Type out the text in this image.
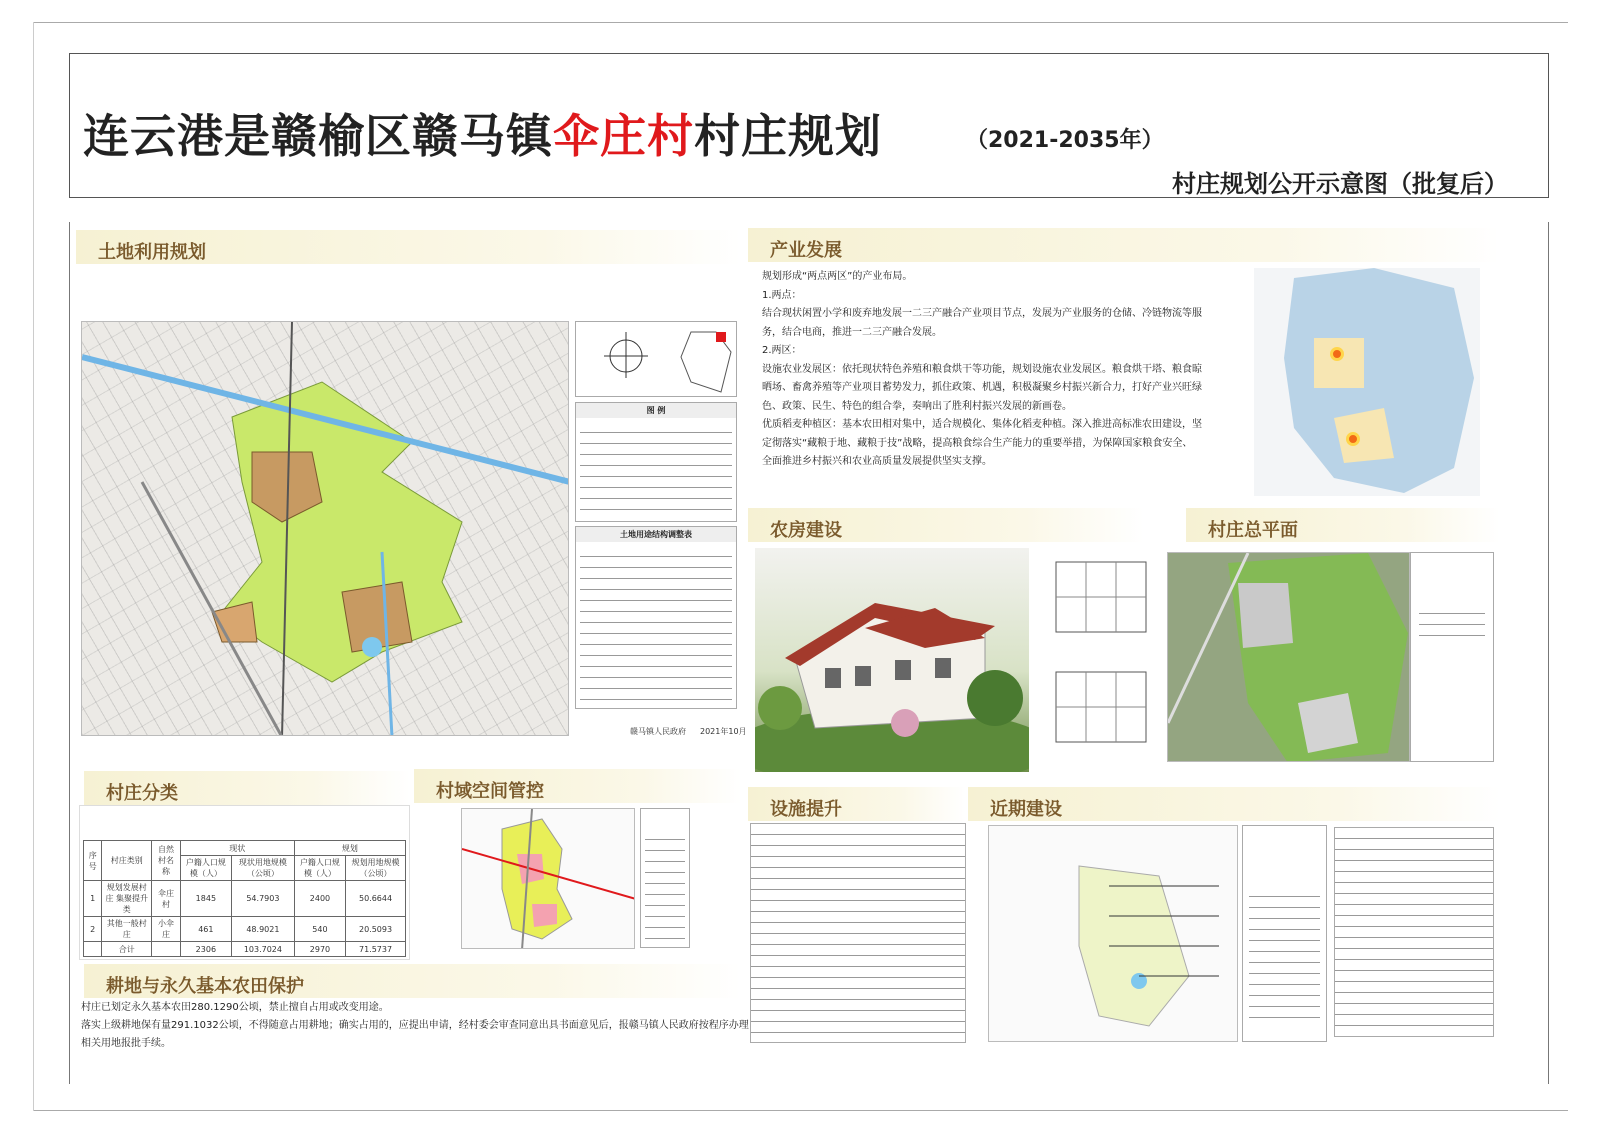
连云港是赣榆区赣马镇伞庄村村庄规划	（2021-2035年）
村庄规划公开示意图（批复后）
土地利用规划
图 例
土地用途结构调整表
赣马镇人民政府 2021年10月
村庄分类
序号	村庄类别	自然村名称	现状		规划	
			户籍人口规模（人）	现状用地规模（公顷）	户籍人口规模（人）	规划用地规模（公顷）
1	规划发展村庄 集聚提升类	伞庄村	1845	54.7903	2400	50.6644
2	其他一般村庄	小伞庄	461	48.9021	540	20.5093
	合计		2306	103.7024	2970	71.5737
村域空间管控
耕地与永久基本农田保护
村庄已划定永久基本农田280.1290公顷，禁止擅自占用或改变用途。
落实上级耕地保有量291.1032公顷，不得随意占用耕地；确实占用的，应提出申请，经村委会审查同意出具书面意见后，报赣马镇人民政府按程序办理
相关用地报批手续。
产业发展
规划形成“两点两区”的产业布局。
1.两点：
结合现状闲置小学和废弃地发展一二三产融合产业项目节点，发展为产业服务的仓储、冷链物流等服
务，结合电商，推进一二三产融合发展。
2.两区：
设施农业发展区：依托现状特色养殖和粮食烘干等功能，规划设施农业发展区。粮食烘干塔、粮食晾
晒场、畜禽养殖等产业项目蓄势发力，抓住政策、机遇，积极凝聚乡村振兴新合力，打好产业兴旺绿
色、政策、民生、特色的组合拳，奏响出了胜利村振兴发展的新画卷。
优质稻麦种植区：基本农田相对集中，适合规模化、集体化稻麦种植。深入推进高标准农田建设，坚
定彻落实“藏粮于地、藏粮于技”战略，提高粮食综合生产能力的重要举措，为保障国家粮食安全、
全面推进乡村振兴和农业高质量发展提供坚实支撑。
农房建设	村庄总平面
设施提升	近期建设
